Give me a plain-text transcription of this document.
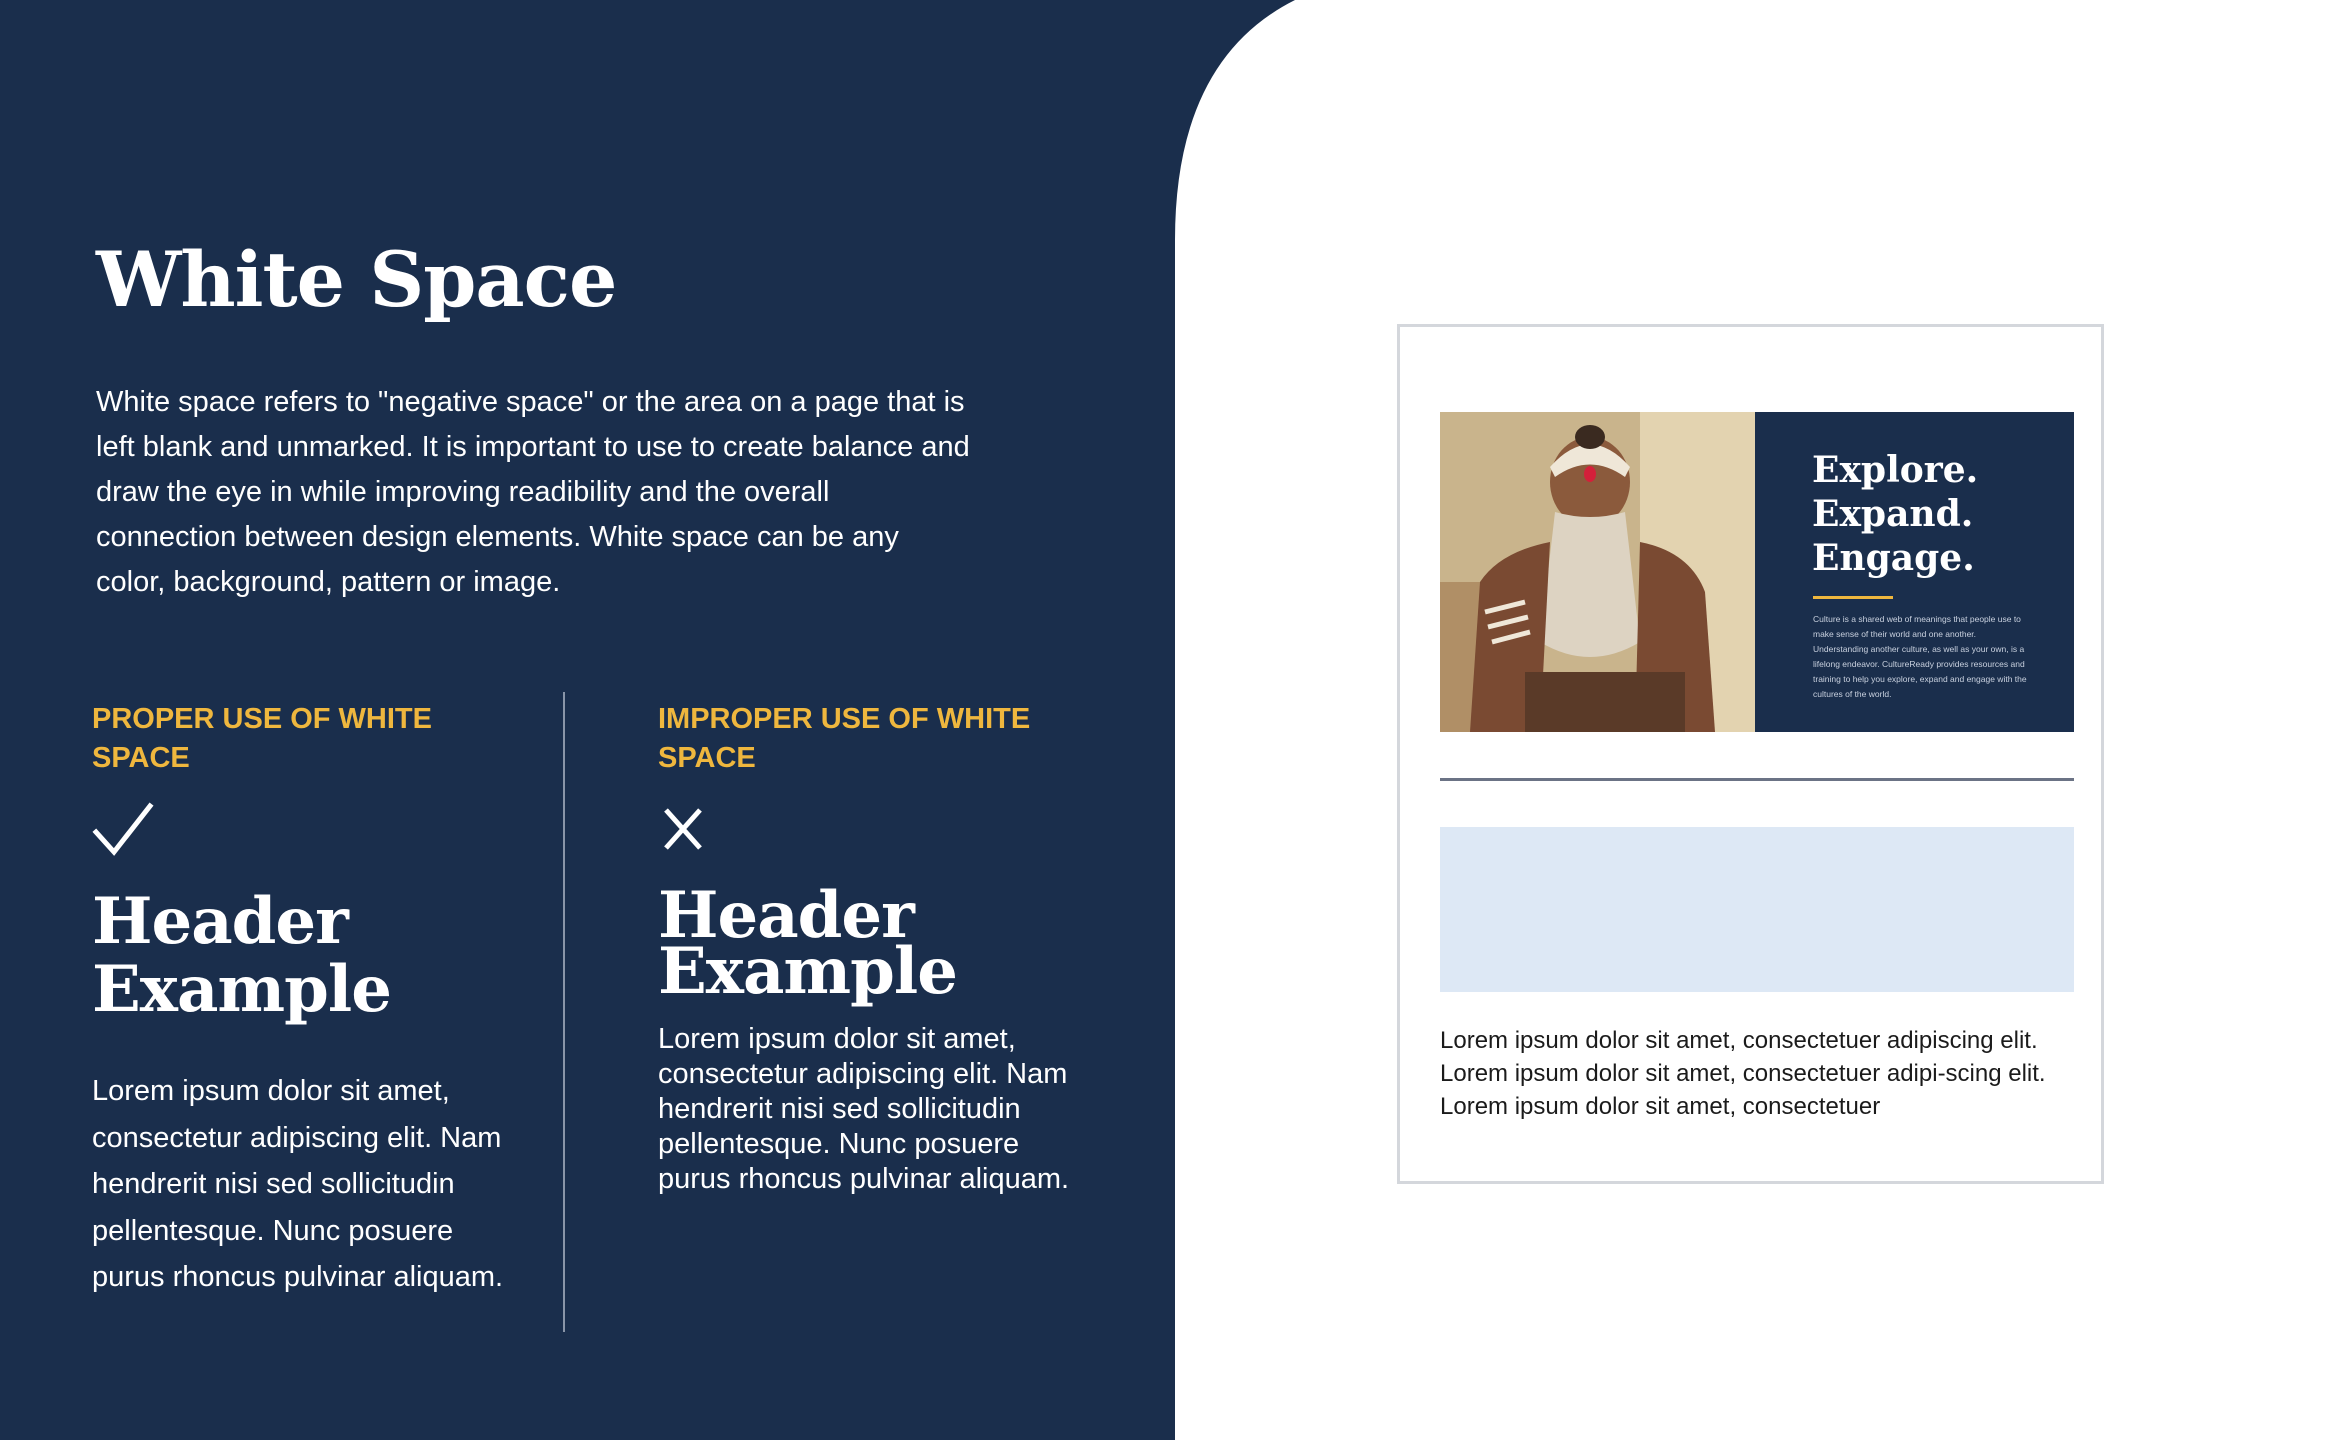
White Space

White space refers to "negative space" or the area on a page that is left blank and unmarked. It is important to use to create balance and draw the eye in while improving readibility and the overall connection between design elements. White space can be any color, background, pattern or image.

PROPER USE OF WHITE SPACE
Header Example

Lorem ipsum dolor sit amet, consectetur adipiscing elit. Nam hendrerit nisi sed sollicitudin pellentesque. Nunc posuere purus rhoncus pulvinar aliquam.

IMPROPER USE OF WHITE SPACE
Header Example

Lorem ipsum dolor sit amet, consectetur adipiscing elit. Nam hendrerit nisi sed sollicitudin pellentesque. Nunc posuere purus rhoncus pulvinar aliquam.

Explore. Expand. Engage.

Culture is a shared web of meanings that people use to make sense of their world and one another. Understanding another culture, as well as your own, is a lifelong endeavor. CultureReady provides resources and training to help you explore, expand and engage with the cultures of the world.

Lorem ipsum dolor sit amet, consectetuer adipiscing elit. Lorem ipsum dolor sit amet, consectetuer adipi-scing elit. Lorem ipsum dolor sit amet, consectetuer
